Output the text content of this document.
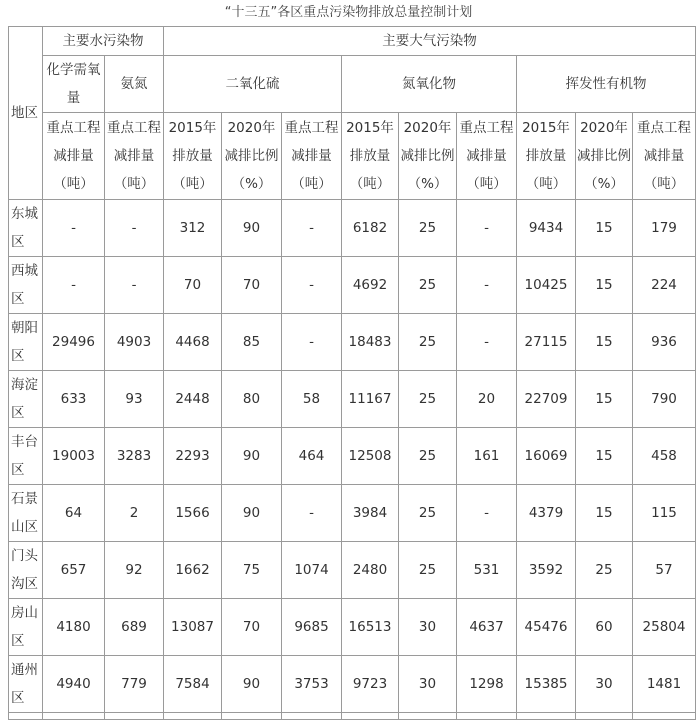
“十三五”各区重点污染物排放总量控制计划
地区	主要水污染物		主要大气污染物								
	化学需氧量	氨氮	二氧化硫			氮氧化物			挥发性有机物		
	重点工程减排量（吨）	重点工程减排量（吨）	2015年排放量（吨）	2020年减排比例（%）	重点工程减排量（吨）	2015年排放量（吨）	2020年减排比例（%）	重点工程减排量（吨）	2015年排放量（吨）	2020年减排比例（%）	重点工程减排量（吨）
东城区	-	-	312	90	-	6182	25	-	9434	15	179
西城区	-	-	70	70	-	4692	25	-	10425	15	224
朝阳区	29496	4903	4468	85	-	18483	25	-	27115	15	936
海淀区	633	93	2448	80	58	11167	25	20	22709	15	790
丰台区	19003	3283	2293	90	464	12508	25	161	16069	15	458
石景山区	64	2	1566	90	-	3984	25	-	4379	15	115
门头沟区	657	92	1662	75	1074	2480	25	531	3592	25	57
房山区	4180	689	13087	70	9685	16513	30	4637	45476	60	25804
通州区	4940	779	7584	90	3753	9723	30	1298	15385	30	1481
